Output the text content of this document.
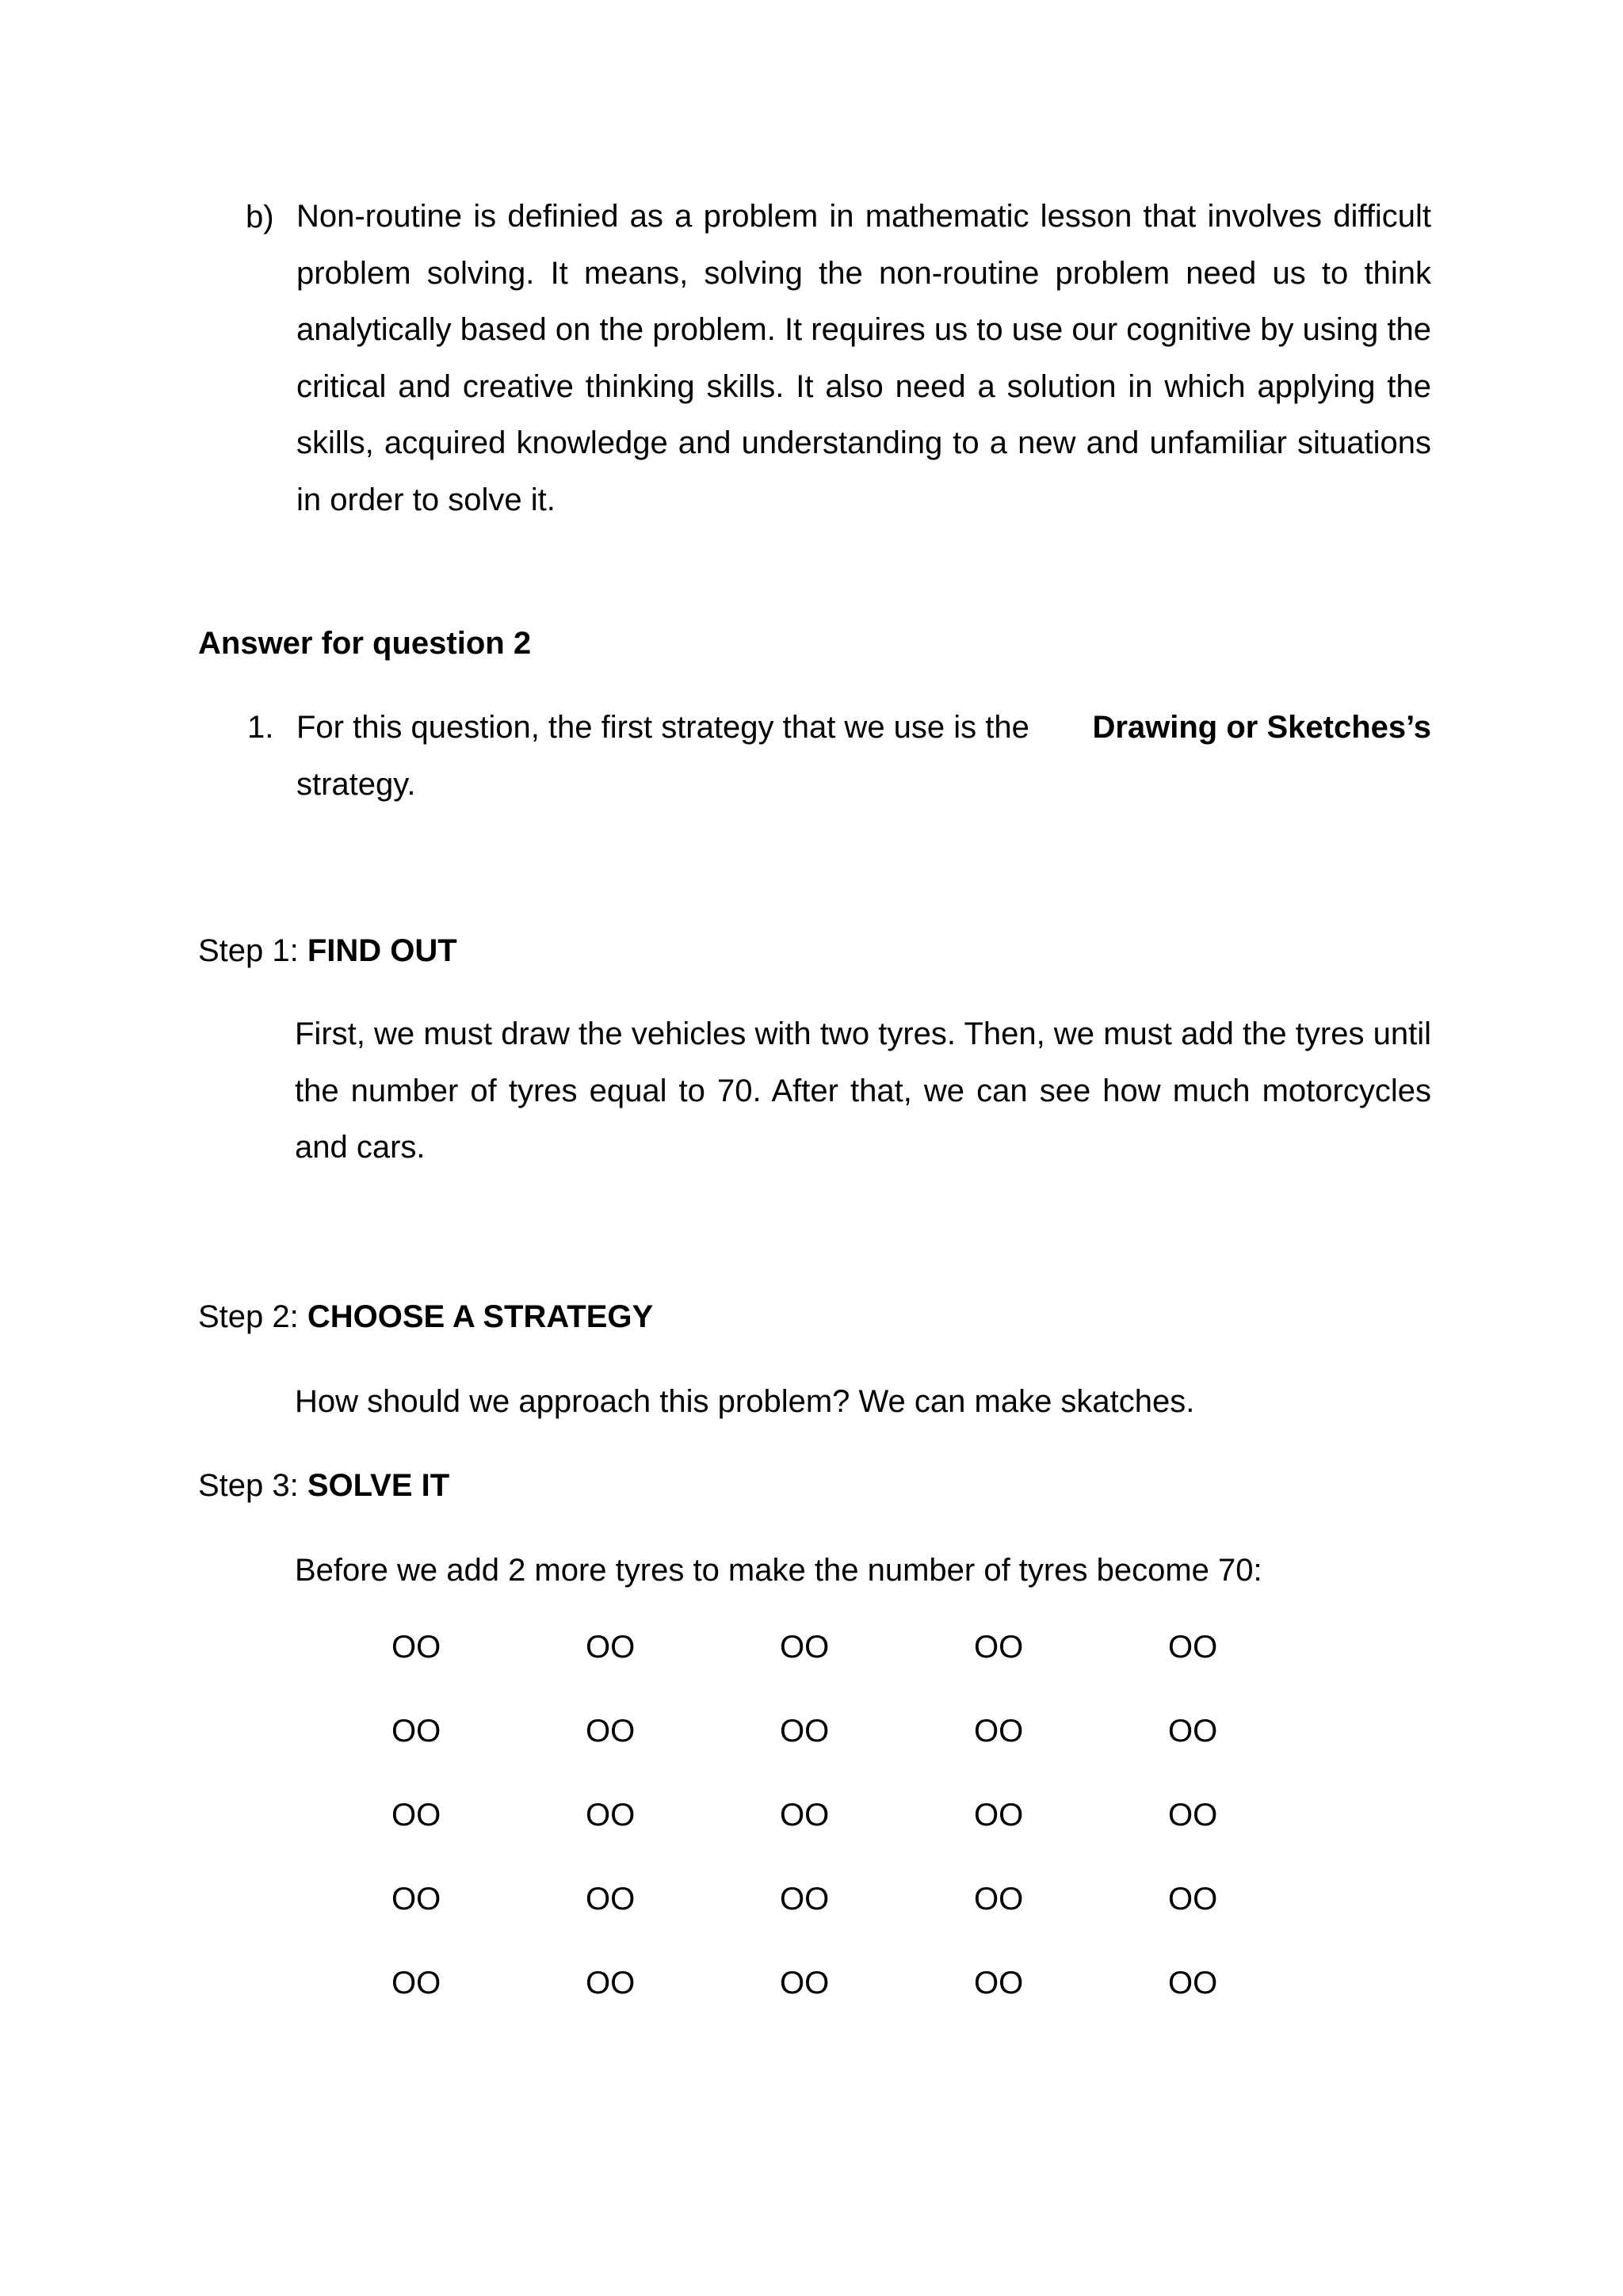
b) Non-routine is definied as a problem in mathematic lesson that involves difficult problem solving. It means, solving the non-routine problem need us to think analytically based on the problem. It requires us to use our cognitive by using the critical and creative thinking skills. It also need a solution in which applying the skills, acquired knowledge and understanding to a new and unfamiliar situations in order to solve it.
Answer for question 2
1. For this question, the first strategy that we use is the Drawing or Sketches’s
strategy.
Step 1: FIND OUT
First, we must draw the vehicles with two tyres. Then, we must add the tyres until the number of tyres equal to 70. After that, we can see how much motorcycles and cars.
Step 2: CHOOSE A STRATEGY
How should we approach this problem? We can make skatches.
Step 3: SOLVE IT
Before we add 2 more tyres to make the number of tyres become 70:
OO	OO	OO	OO	OO
OO	OO	OO	OO	OO
OO	OO	OO	OO	OO
OO	OO	OO	OO	OO
OO	OO	OO	OO	OO
